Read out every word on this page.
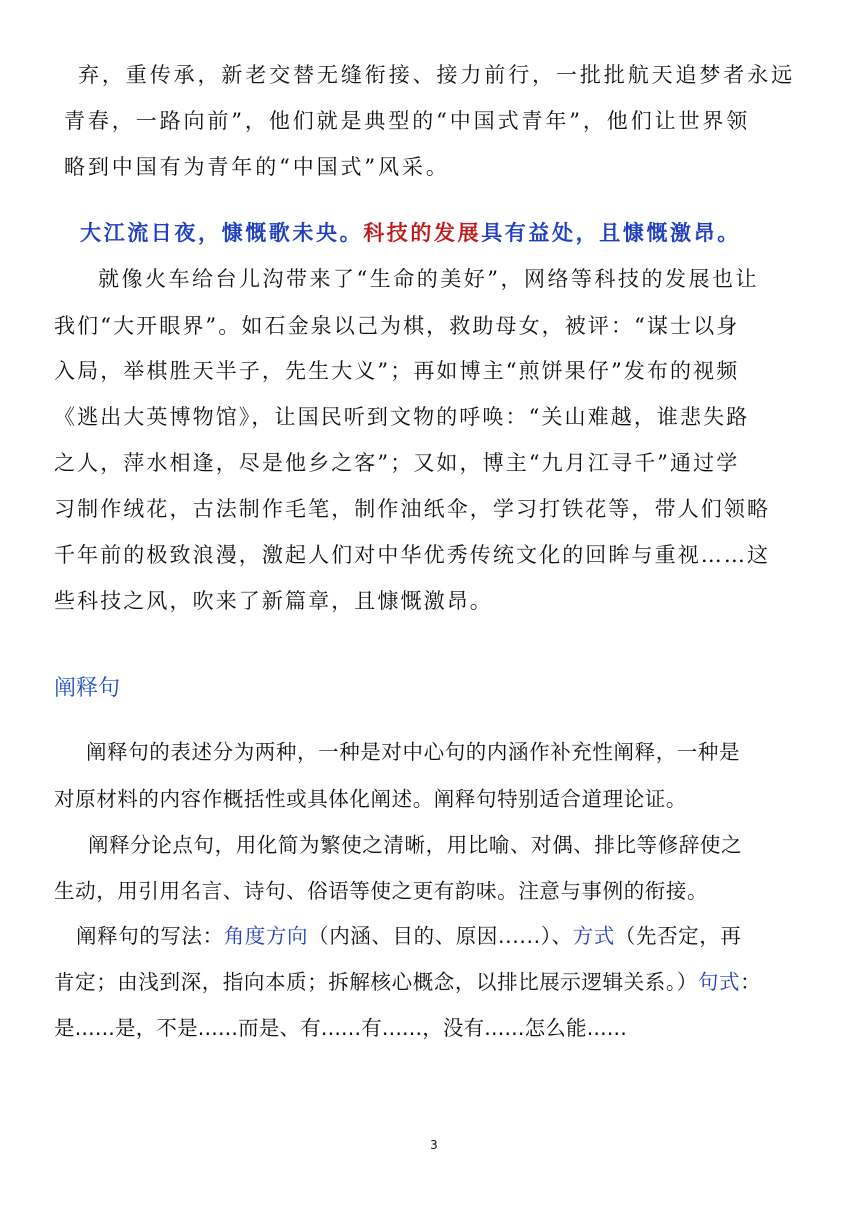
弃，重传承，新老交替无缝衔接、接力前行，一批批航天追梦者永远
青春，一路向前”，他们就是典型的“中国式青年”，他们让世界领
略到中国有为青年的“中国式”风采。
大江流日夜，慷慨歌未央。科技的发展具有益处，且慷慨激昂。
就像火车给台儿沟带来了“生命的美好”，网络等科技的发展也让
我们“大开眼界”。如石金泉以己为棋，救助母女，被评：“谋士以身
入局，举棋胜天半子，先生大义”；再如博主“煎饼果仔”发布的视频
《逃出大英博物馆》，让国民听到文物的呼唤：“关山难越，谁悲失路
之人，萍水相逢，尽是他乡之客”；又如，博主“九月江寻千”通过学
习制作绒花，古法制作毛笔，制作油纸伞，学习打铁花等，带人们领略
千年前的极致浪漫，激起人们对中华优秀传统文化的回眸与重视……这
些科技之风，吹来了新篇章，且慷慨激昂。
阐释句
阐释句的表述分为两种，一种是对中心句的内涵作补充性阐释，一种是
对原材料的内容作概括性或具体化阐述。阐释句特别适合道理论证。
阐释分论点句，用化简为繁使之清晰，用比喻、对偶、排比等修辞使之
生动，用引用名言、诗句、俗语等使之更有韵味。注意与事例的衔接。
阐释句的写法：角度方向（内涵、目的、原因......）、方式（先否定，再
肯定；由浅到深，指向本质；拆解核心概念，以排比展示逻辑关系。）句式：
是......是，不是......而是、有......有......，没有......怎么能......
3
